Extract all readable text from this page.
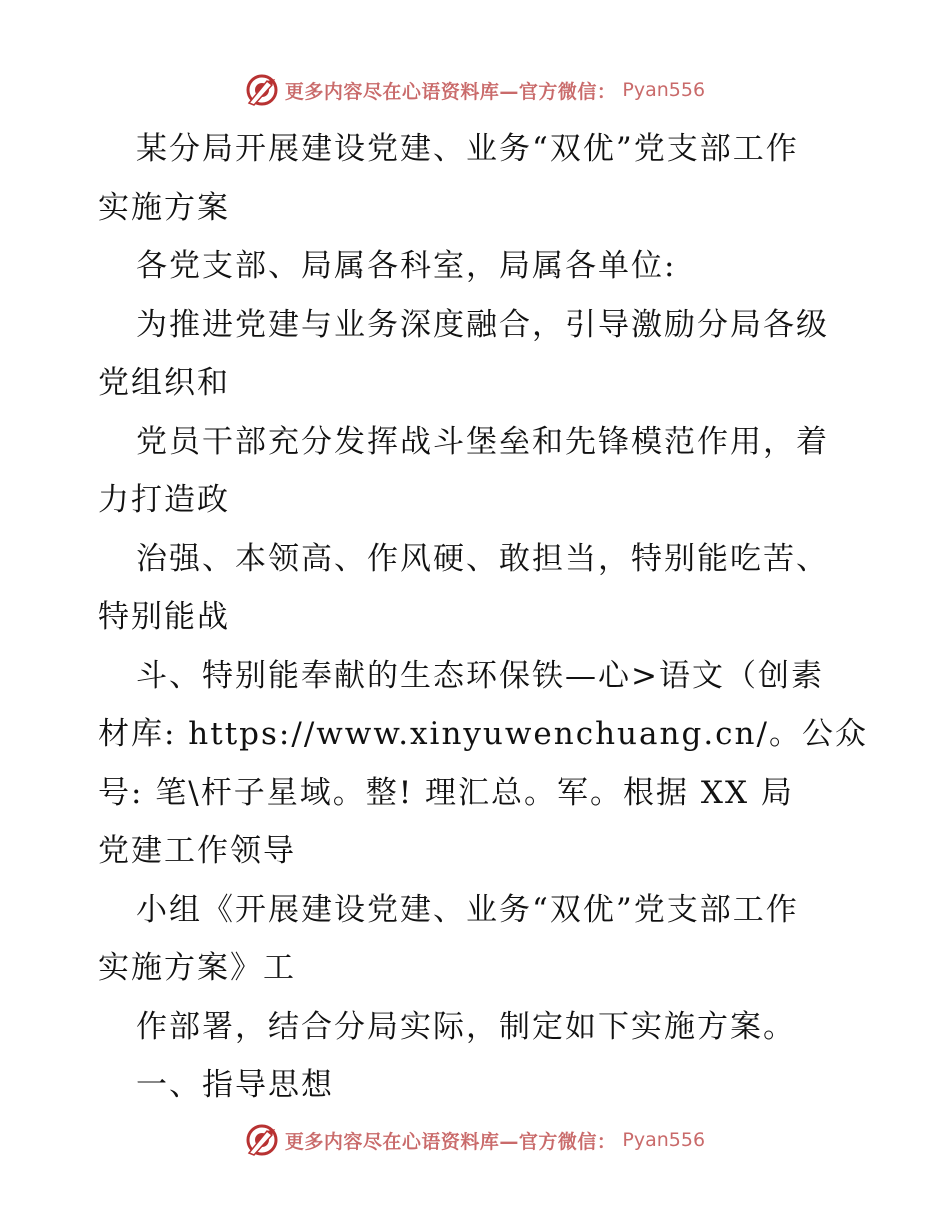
更多内容尽在心语资料库—官方微信： Pyan556
某分局开展建设党建、业务“双优”党支部工作
实施方案
各党支部、局属各科室，局属各单位:
为推进党建与业务深度融合，引导激励分局各级
党组织和
党员干部充分发挥战斗堡垒和先锋模范作用，着
力打造政
治强、本领高、作风硬、敢担当，特别能吃苦、
特别能战
斗、特别能奉献的生态环保铁—心>语文（创素
材库: https://www.xinyuwenchuang.cn/。公众
号: 笔\杆子星域。整! 理汇总。军。根据 XX 局
党建工作领导
小组《开展建设党建、业务“双优”党支部工作
实施方案》工
作部署，结合分局实际，制定如下实施方案。
一、指导思想
更多内容尽在心语资料库—官方微信： Pyan556
